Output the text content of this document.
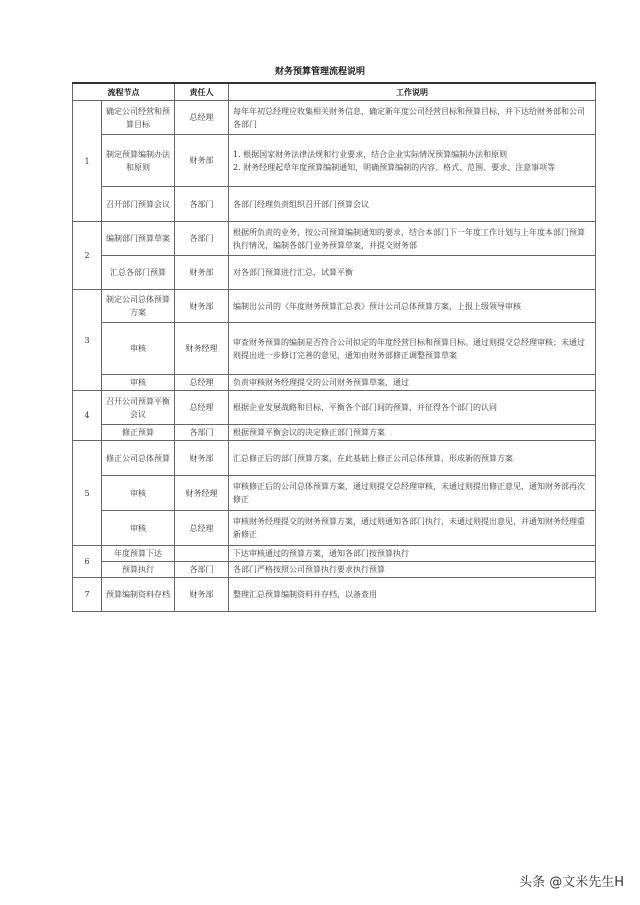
财务预算管理流程说明
流程节点		责任人	工作说明
1	确定公司经营和预算目标	总经理	每年年初总经理应收集相关财务信息，确定新年度公司经营目标和预算目标，并下达给财务部和公司各部门
	制定预算编制办法和原则	财务部	1. 根据国家财务法律法规和行业要求，结合企业实际情况预算编制办法和原则
2. 财务经理起草年度预算编制通知，明确预算编制的内容、格式、范围、要求、注意事项等

	召开部门预算会议	各部门	各部门经理负责组织召开部门预算会议
2	编制部门预算草案	各部门	根据所负责的业务，按公司预算编制通知的要求，结合本部门下一年度工作计划与上年度本部门预算执行情况，编制各部门业务预算草案，并提交财务部
	汇总各部门预算	财务部	对各部门预算进行汇总，试算平衡
3	制定公司总体预算方案	财务部	编制出公司的《年度财务预算汇总表》预计公司总体预算方案，上报上级领导审核
	审核	财务经理	审查财务预算的编制是否符合公司拟定的年度经营目标和预算目标。通过则提交总经理审核；未通过则提出进一步修订完善的意见，通知由财务部修正调整预算草案
	审核	总经理	负责审核财务经理提交的公司财务预算草案，通过
4	召开公司预算平衡会议	总经理	根据企业发展战略和目标，平衡各个部门间的预算，并征得各个部门的认同
	修正预算	各部门	根据预算平衡会议的决定修正部门预算方案
5	修正公司总体预算	财务部	汇总修正后的部门预算方案，在此基础上修正公司总体预算，形成新的预算方案
	审核	财务经理	审核修正后的公司总体预算方案，通过则提交总经理审核，未通过则提出修正意见，通知财务部再次修正
	审核	总经理	审核财务经理提交的财务预算方案，通过则通知各部门执行，未通过则提出意见，并通知财务经理重新修正
6	年度预算下达		下达审核通过的预算方案，通知各部门按预算执行
	预算执行	各部门	各部门严格按照公司预算执行要求执行预算
7	预算编制资料存档	财务部	整理汇总预算编制资料并存档，以备查用
头条 @文米先生H
